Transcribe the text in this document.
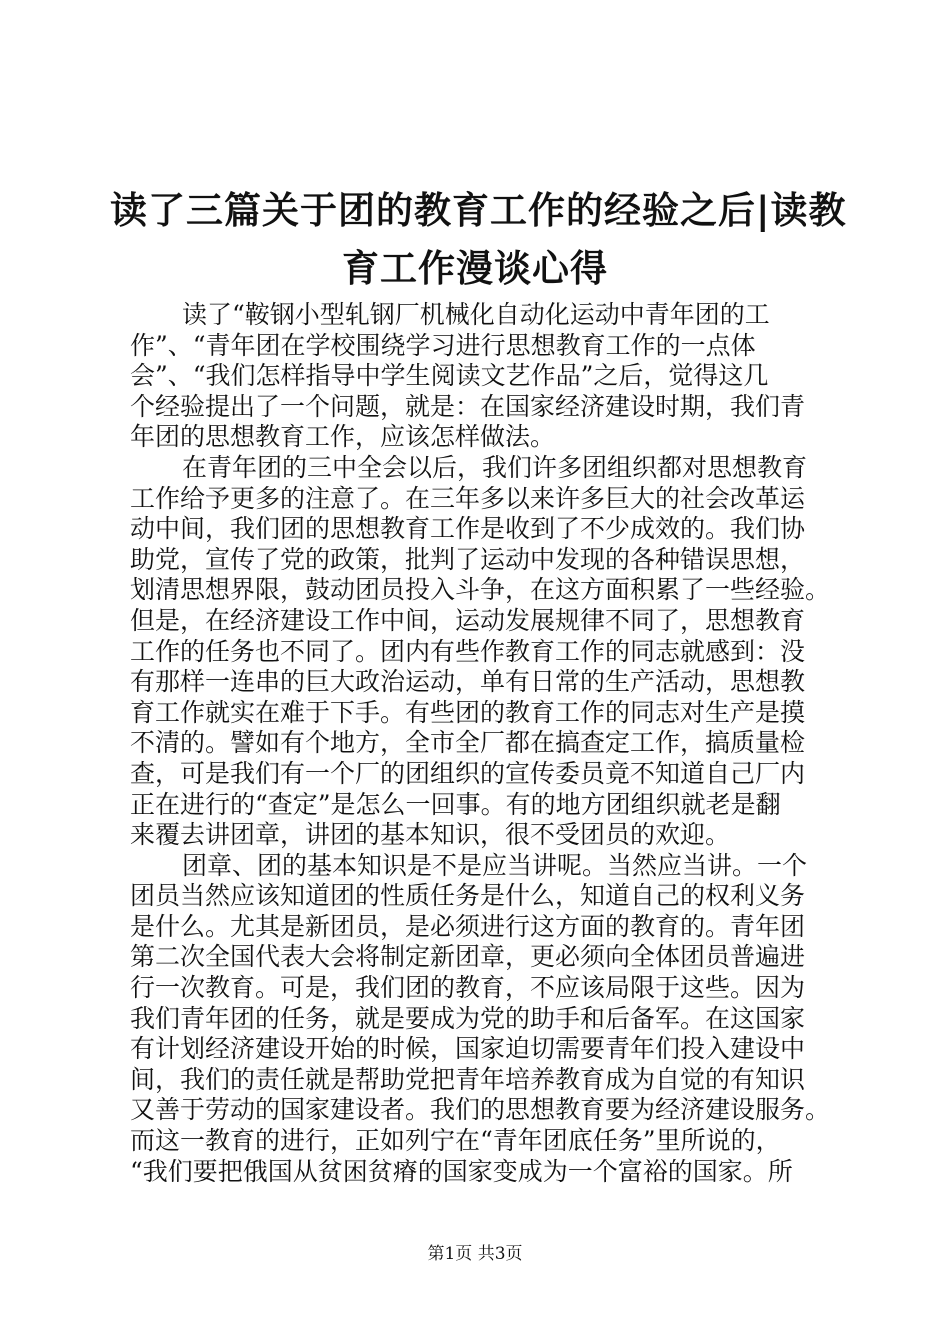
读了三篇关于团的教育工作的经验之后|读教
育工作漫谈心得

读了“鞍钢小型轧钢厂机械化自动化运动中青年团的工
作”、“青年团在学校围绕学习进行思想教育工作的一点体
会”、“我们怎样指导中学生阅读文艺作品”之后，觉得这几
个经验提出了一个问题，就是：在国家经济建设时期，我们青
年团的思想教育工作，应该怎样做法。

在青年团的三中全会以后，我们许多团组织都对思想教育
工作给予更多的注意了。在三年多以来许多巨大的社会改革运
动中间，我们团的思想教育工作是收到了不少成效的。我们协
助党，宣传了党的政策，批判了运动中发现的各种错误思想，
划清思想界限，鼓动团员投入斗争，在这方面积累了一些经验。
但是，在经济建设工作中间，运动发展规律不同了，思想教育
工作的任务也不同了。团内有些作教育工作的同志就感到：没
有那样一连串的巨大政治运动，单有日常的生产活动，思想教
育工作就实在难于下手。有些团的教育工作的同志对生产是摸
不清的。譬如有个地方，全市全厂都在搞查定工作，搞质量检
查，可是我们有一个厂的团组织的宣传委员竟不知道自己厂内
正在进行的“查定”是怎么一回事。有的地方团组织就老是翻
来覆去讲团章，讲团的基本知识，很不受团员的欢迎。

团章、团的基本知识是不是应当讲呢。当然应当讲。一个
团员当然应该知道团的性质任务是什么，知道自己的权利义务
是什么。尤其是新团员，是必须进行这方面的教育的。青年团
第二次全国代表大会将制定新团章，更必须向全体团员普遍进
行一次教育。可是，我们团的教育，不应该局限于这些。因为
我们青年团的任务，就是要成为党的助手和后备军。在这国家
有计划经济建设开始的时候，国家迫切需要青年们投入建设中
间，我们的责任就是帮助党把青年培养教育成为自觉的有知识
又善于劳动的国家建设者。我们的思想教育要为经济建设服务。
而这一教育的进行，正如列宁在“青年团底任务”里所说的，
“我们要把俄国从贫困贫瘠的国家变成为一个富裕的国家。所

第1页 共3页
